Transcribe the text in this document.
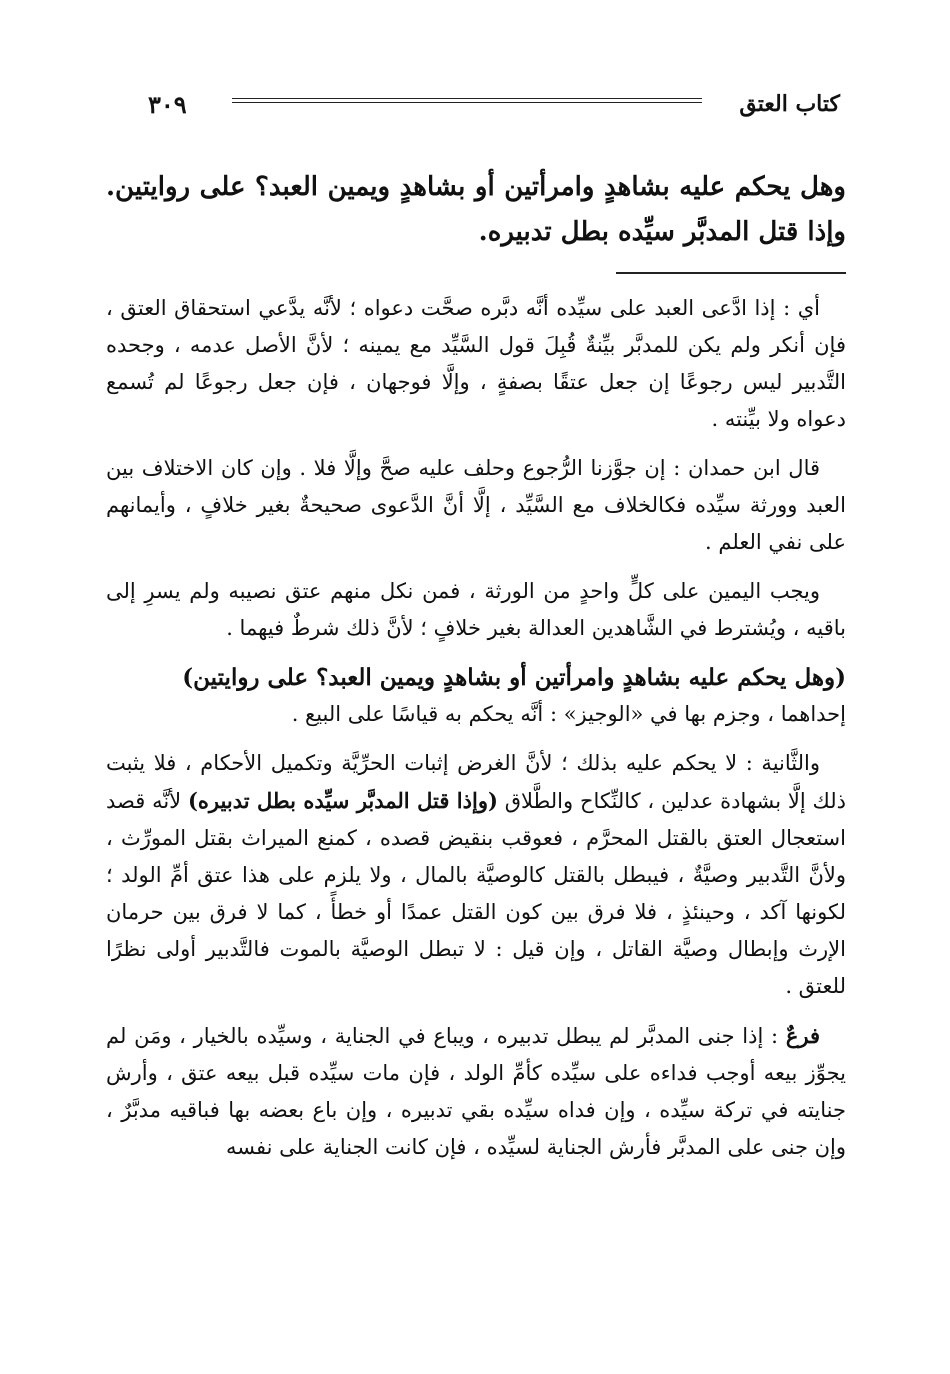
كتاب العتق
٣٠٩
وهل يحكم عليه بشاهدٍ وامرأتين أو بشاهدٍ ويمين العبد؟ على روايتين. وإذا قتل المدبَّر سيِّده بطل تدبيره.

أي : إذا ادَّعى العبد على سيِّده أنَّه دبَّره صحَّت دعواه ؛ لأنَّه يدَّعي استحقاق العتق ، فإن أنكر ولم يكن للمدبَّر بيِّنةٌ قُبِلَ قول السَّيِّد مع يمينه ؛ لأنَّ الأصل عدمه ، وجحده التَّدبير ليس رجوعًا إن جعل عتقًا بصفةٍ ، وإلَّا فوجهان ، فإن جعل رجوعًا لم تُسمع دعواه ولا بيِّنته .

قال ابن حمدان : إن جوَّزنا الرُّجوع وحلف عليه صحَّ وإلَّا فلا . وإن كان الاختلاف بين العبد وورثة سيِّده فكالخلاف مع السَّيِّد ، إلَّا أنَّ الدَّعوى صحيحةٌ بغير خلافٍ ، وأيمانهم على نفي العلم .

ويجب اليمين على كلٍّ واحدٍ من الورثة ، فمن نكل منهم عتق نصيبه ولم يسرِ إلى باقيه ، ويُشترط في الشَّاهدين العدالة بغير خلافٍ ؛ لأنَّ ذلك شرطٌ فيهما .

(وهل يحكم عليه بشاهدٍ وامرأتين أو بشاهدٍ ويمين العبد؟ على روايتين)

إحداهما ، وجزم بها في «الوجيز» : أنَّه يحكم به قياسًا على البيع .

والثَّانية : لا يحكم عليه بذلك ؛ لأنَّ الغرض إثبات الحرِّيَّة وتكميل الأحكام ، فلا يثبت ذلك إلَّا بشهادة عدلين ، كالنِّكاح والطَّلاق (وإذا قتل المدبَّر سيِّده بطل تدبيره) لأنَّه قصد استعجال العتق بالقتل المحرَّم ، فعوقب بنقيض قصده ، كمنع الميراث بقتل المورِّث ، ولأنَّ التَّدبير وصيَّةٌ ، فيبطل بالقتل كالوصيَّة بالمال ، ولا يلزم على هذا عتق أمِّ الولد ؛ لكونها آكد ، وحينئذٍ ، فلا فرق بين كون القتل عمدًا أو خطأً ، كما لا فرق بين حرمان الإرث وإبطال وصيَّة القاتل ، وإن قيل : لا تبطل الوصيَّة بالموت فالتَّدبير أولى نظرًا للعتق .

فرعٌ : إذا جنى المدبَّر لم يبطل تدبيره ، ويباع في الجناية ، وسيِّده بالخيار ، ومَن لم يجوِّز بيعه أوجب فداءه على سيِّده كأمِّ الولد ، فإن مات سيِّده قبل بيعه عتق ، وأرش جنايته في تركة سيِّده ، وإن فداه سيِّده بقي تدبيره ، وإن باع بعضه بها فباقيه مدبَّرٌ ، وإن جنى على المدبَّر فأرش الجناية لسيِّده ، فإن كانت الجناية على نفسه
